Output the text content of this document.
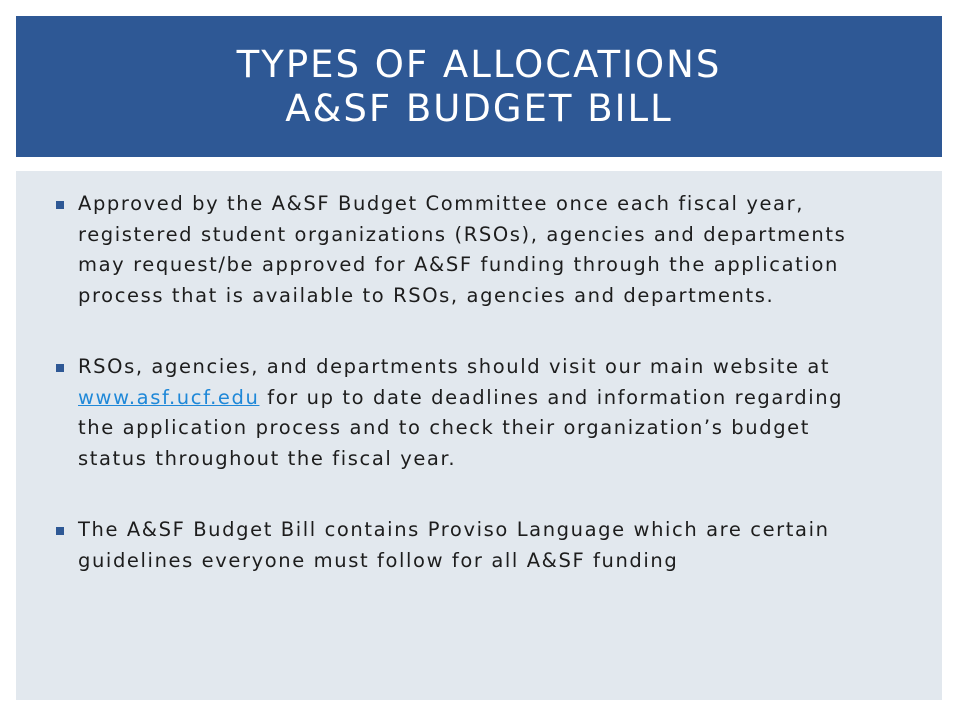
TYPES OF ALLOCATIONS
A&SF BUDGET BILL
Approved by the A&SF Budget Committee once each fiscal year, registered student organizations (RSOs), agencies and departments may request/be approved for A&SF funding through the application process that is available to RSOs, agencies and departments.
RSOs, agencies, and departments should visit our main website at www.asf.ucf.edu for up to date deadlines and information regarding the application process and to check their organization’s budget status throughout the fiscal year.
The A&SF Budget Bill contains Proviso Language which are certain guidelines everyone must follow for all A&SF funding
